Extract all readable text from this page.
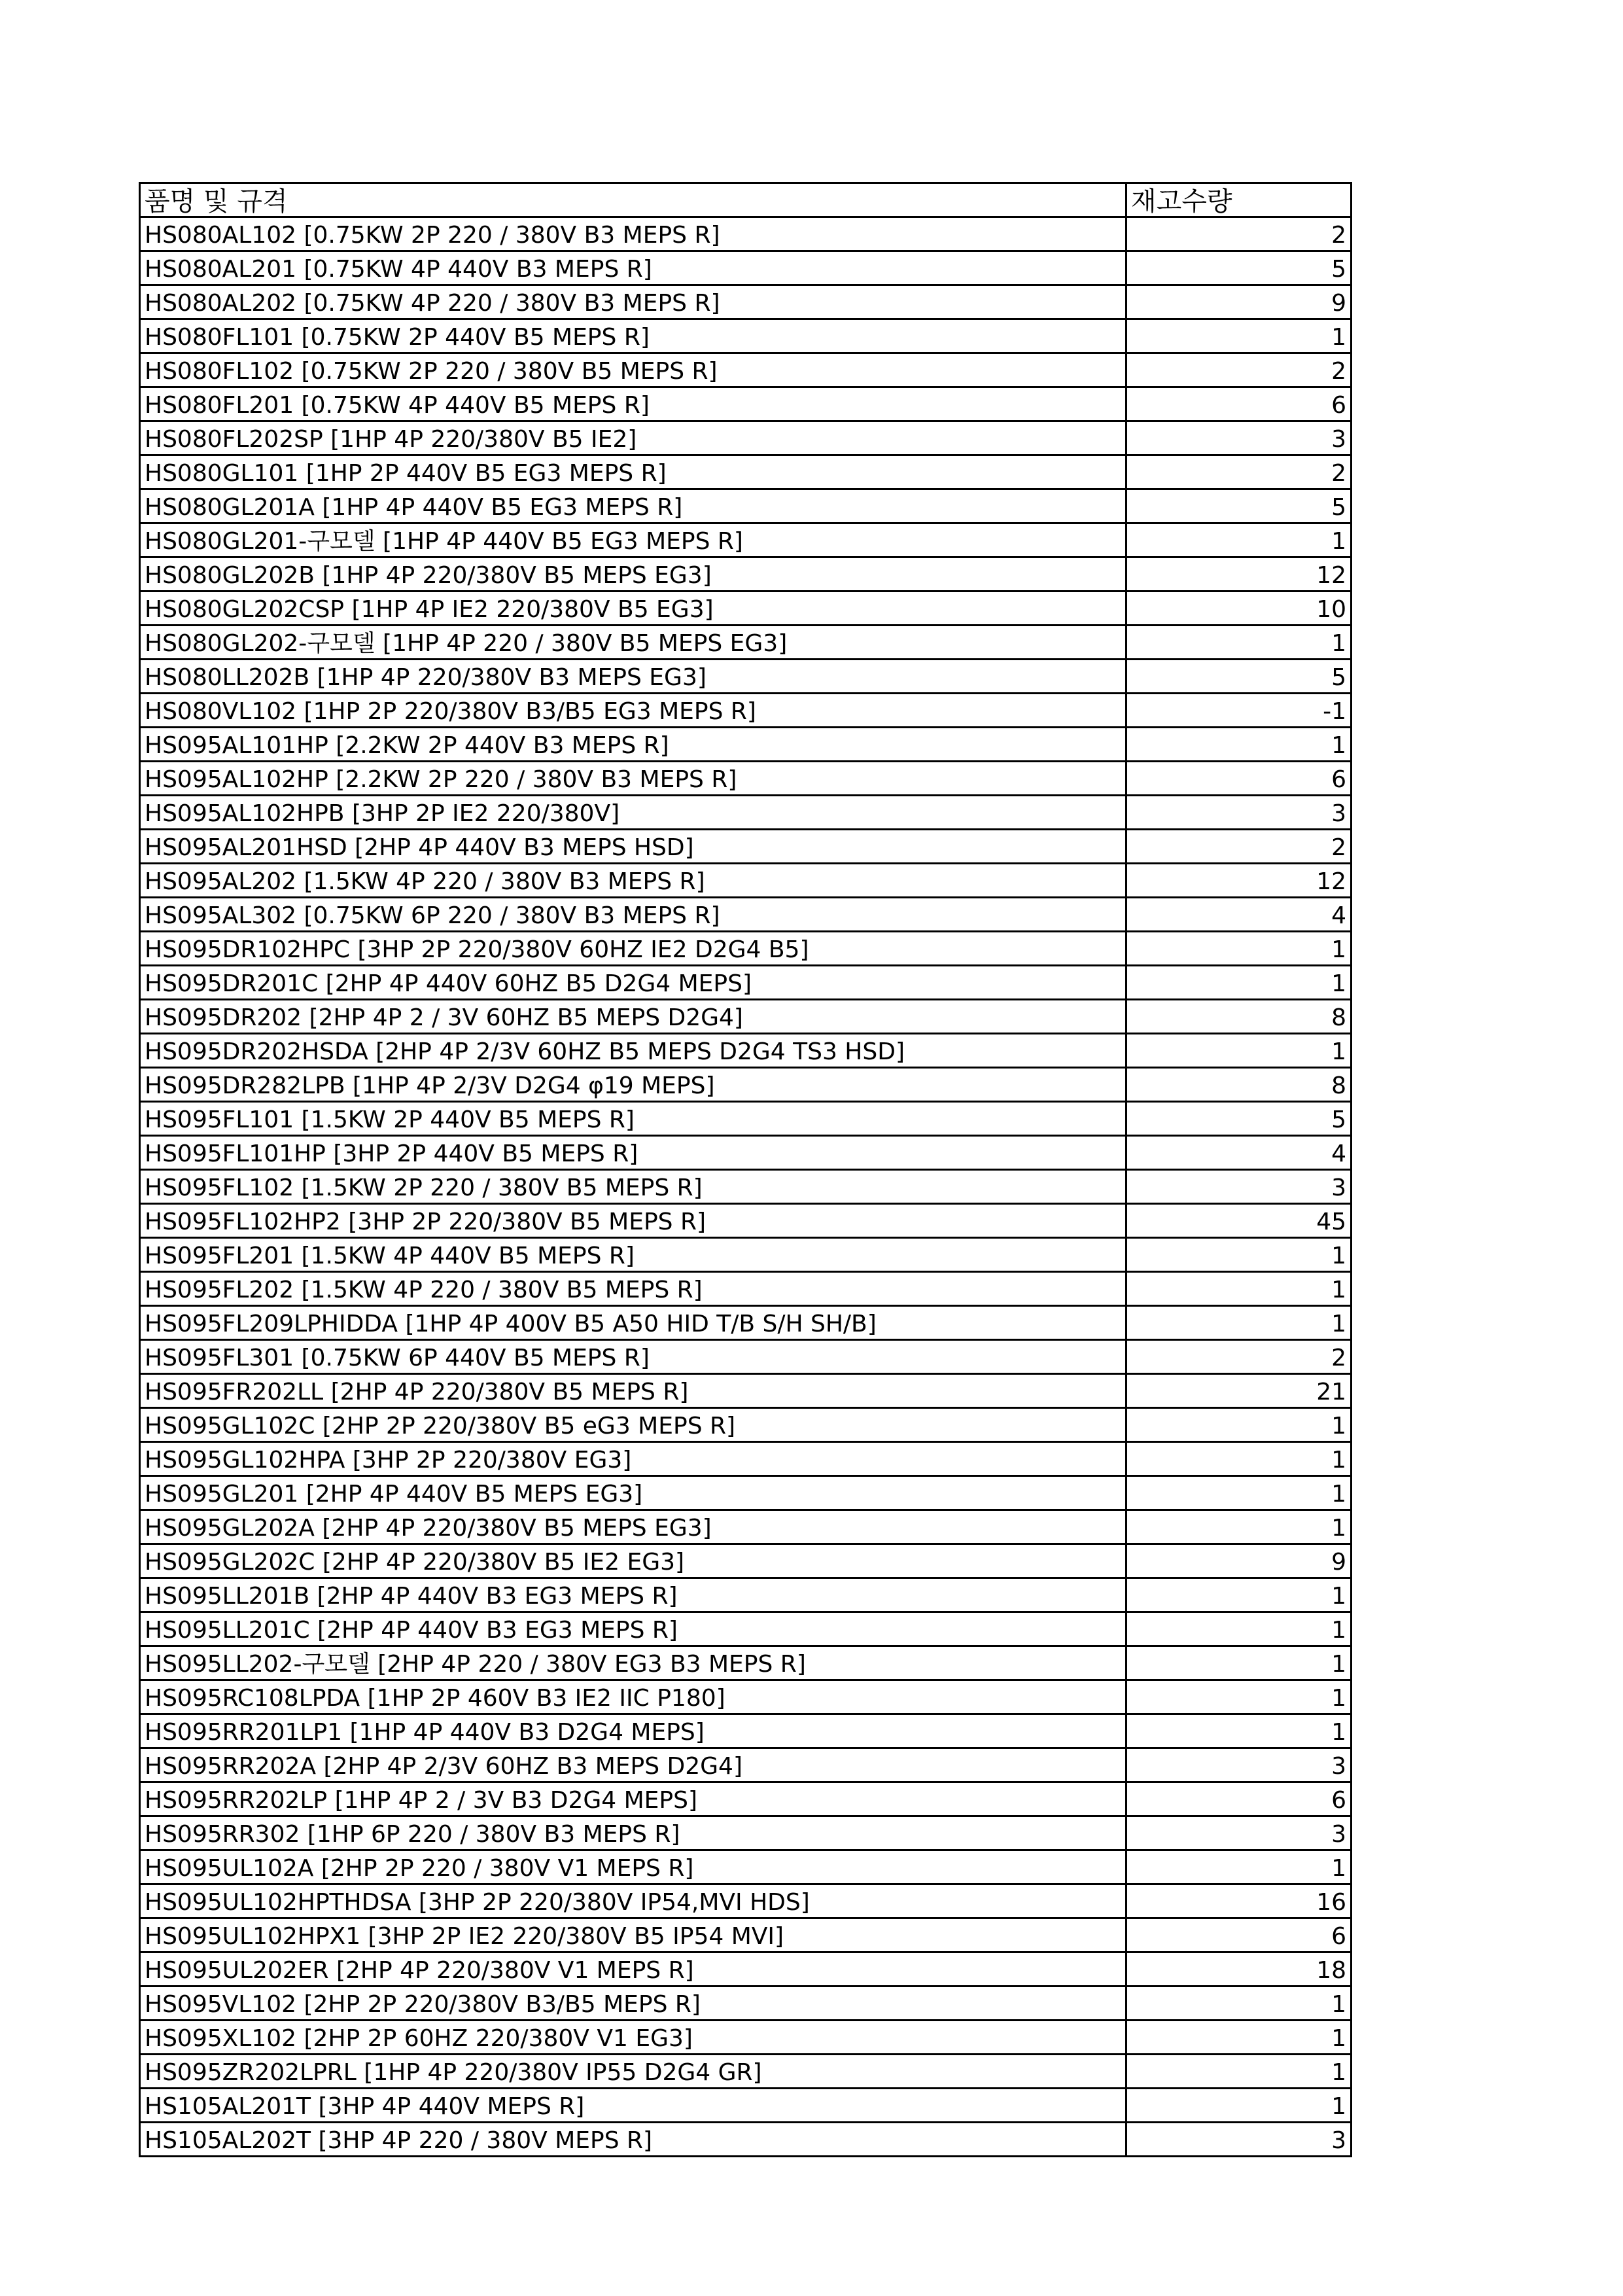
품명 및 규격	재고수량
HS080AL102 [0.75KW 2P 220 / 380V B3 MEPS R]	2
HS080AL201 [0.75KW 4P 440V B3 MEPS R]	5
HS080AL202 [0.75KW 4P 220 / 380V B3 MEPS R]	9
HS080FL101 [0.75KW 2P 440V B5 MEPS R]	1
HS080FL102 [0.75KW 2P 220 / 380V B5 MEPS R]	2
HS080FL201 [0.75KW 4P 440V B5 MEPS R]	6
HS080FL202SP [1HP 4P 220/380V B5 IE2]	3
HS080GL101 [1HP 2P 440V B5 EG3 MEPS R]	2
HS080GL201A [1HP 4P 440V B5 EG3 MEPS R]	5
HS080GL201-구모델 [1HP 4P 440V B5 EG3 MEPS R]	1
HS080GL202B [1HP 4P 220/380V B5 MEPS EG3]	12
HS080GL202CSP [1HP 4P IE2 220/380V B5 EG3]	10
HS080GL202-구모델 [1HP 4P 220 / 380V B5 MEPS EG3]	1
HS080LL202B [1HP 4P 220/380V B3 MEPS EG3]	5
HS080VL102 [1HP 2P 220/380V B3/B5 EG3 MEPS R]	-1
HS095AL101HP [2.2KW 2P 440V B3 MEPS R]	1
HS095AL102HP [2.2KW 2P 220 / 380V B3 MEPS R]	6
HS095AL102HPB [3HP 2P IE2 220/380V]	3
HS095AL201HSD [2HP 4P 440V B3 MEPS HSD]	2
HS095AL202 [1.5KW 4P 220 / 380V B3 MEPS R]	12
HS095AL302 [0.75KW 6P 220 / 380V B3 MEPS R]	4
HS095DR102HPC [3HP 2P 220/380V 60HZ IE2 D2G4 B5]	1
HS095DR201C [2HP 4P 440V 60HZ B5 D2G4 MEPS]	1
HS095DR202 [2HP 4P 2 / 3V 60HZ B5 MEPS D2G4]	8
HS095DR202HSDA [2HP 4P 2/3V 60HZ B5 MEPS D2G4 TS3 HSD]	1
HS095DR282LPB [1HP 4P 2/3V D2G4 φ19 MEPS]	8
HS095FL101 [1.5KW 2P 440V B5 MEPS R]	5
HS095FL101HP [3HP 2P 440V B5 MEPS R]	4
HS095FL102 [1.5KW 2P 220 / 380V B5 MEPS R]	3
HS095FL102HP2 [3HP 2P 220/380V B5 MEPS R]	45
HS095FL201 [1.5KW 4P 440V B5 MEPS R]	1
HS095FL202 [1.5KW 4P 220 / 380V B5 MEPS R]	1
HS095FL209LPHIDDA [1HP 4P 400V B5 A50 HID T/B S/H SH/B]	1
HS095FL301 [0.75KW 6P 440V B5 MEPS R]	2
HS095FR202LL [2HP 4P 220/380V B5 MEPS R]	21
HS095GL102C [2HP 2P 220/380V B5 eG3 MEPS R]	1
HS095GL102HPA [3HP 2P 220/380V EG3]	1
HS095GL201 [2HP 4P 440V B5 MEPS EG3]	1
HS095GL202A [2HP 4P 220/380V B5 MEPS EG3]	1
HS095GL202C [2HP 4P 220/380V B5 IE2 EG3]	9
HS095LL201B [2HP 4P 440V B3 EG3 MEPS R]	1
HS095LL201C [2HP 4P 440V B3 EG3 MEPS R]	1
HS095LL202-구모델 [2HP 4P 220 / 380V EG3 B3 MEPS R]	1
HS095RC108LPDA [1HP 2P 460V B3 IE2 IIC P180]	1
HS095RR201LP1 [1HP 4P 440V B3 D2G4 MEPS]	1
HS095RR202A [2HP 4P 2/3V 60HZ B3 MEPS D2G4]	3
HS095RR202LP [1HP 4P 2 / 3V B3 D2G4 MEPS]	6
HS095RR302 [1HP 6P 220 / 380V B3 MEPS R]	3
HS095UL102A [2HP 2P 220 / 380V V1 MEPS R]	1
HS095UL102HPTHDSA [3HP 2P 220/380V IP54,MVI HDS]	16
HS095UL102HPX1 [3HP 2P IE2 220/380V B5 IP54 MVI]	6
HS095UL202ER [2HP 4P 220/380V V1 MEPS R]	18
HS095VL102 [2HP 2P 220/380V B3/B5 MEPS R]	1
HS095XL102 [2HP 2P 60HZ 220/380V V1 EG3]	1
HS095ZR202LPRL [1HP 4P 220/380V IP55 D2G4 GR]	1
HS105AL201T [3HP 4P 440V MEPS R]	1
HS105AL202T [3HP 4P 220 / 380V MEPS R]	3
